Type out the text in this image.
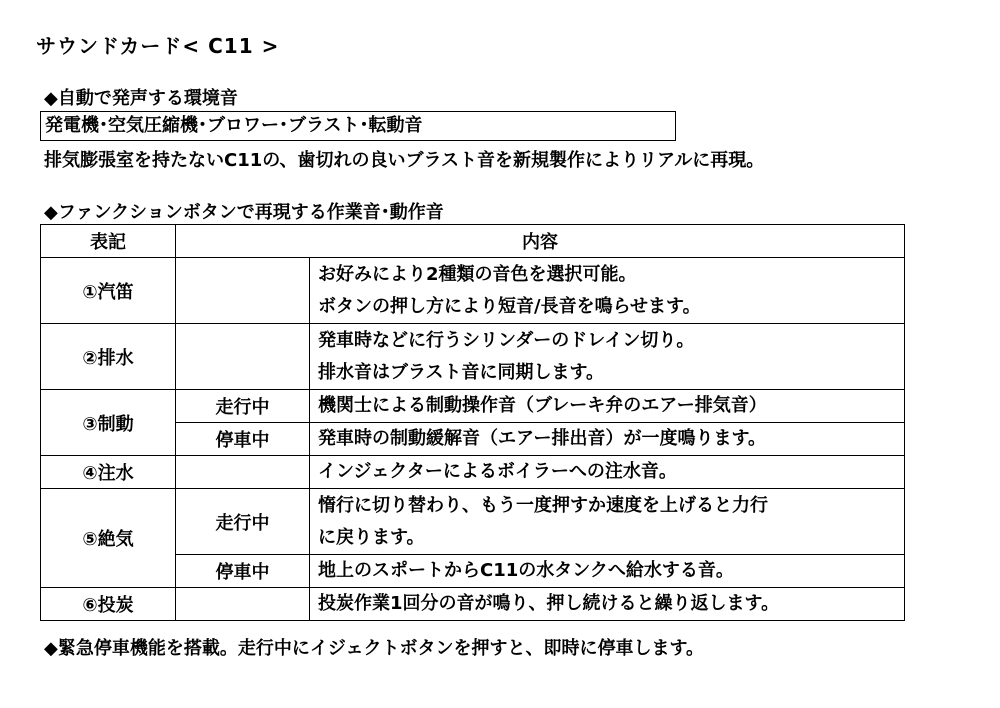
サウンドカード< C11 >
◆自動で発声する環境音
発電機･空気圧縮機･ブロワー･ブラスト･転動音
排気膨張室を持たないC11の、歯切れの良いブラスト音を新規製作によりリアルに再現。
◆ファンクションボタンで再現する作業音･動作音
表記	内容	
①汽笛		お好みにより2種類の音色を選択可能。
ボタンの押し方により短音/長音を鳴らせます。

②排水		発車時などに行うシリンダーのドレイン切り。
排水音はブラスト音に同期します。

③制動	走行中	機関士による制動操作音（ブレーキ弁のエアー排気音）
	停車中	発車時の制動緩解音（エアー排出音）が一度鳴ります。
④注水		インジェクターによるボイラーへの注水音。
⑤絶気	走行中	惰行に切り替わり、もう一度押すか速度を上げると力行
に戻ります。

	停車中	地上のスポートからC11の水タンクへ給水する音。
⑥投炭		投炭作業1回分の音が鳴り、押し続けると繰り返します。
◆緊急停車機能を搭載。走行中にイジェクトボタンを押すと、即時に停車します。
